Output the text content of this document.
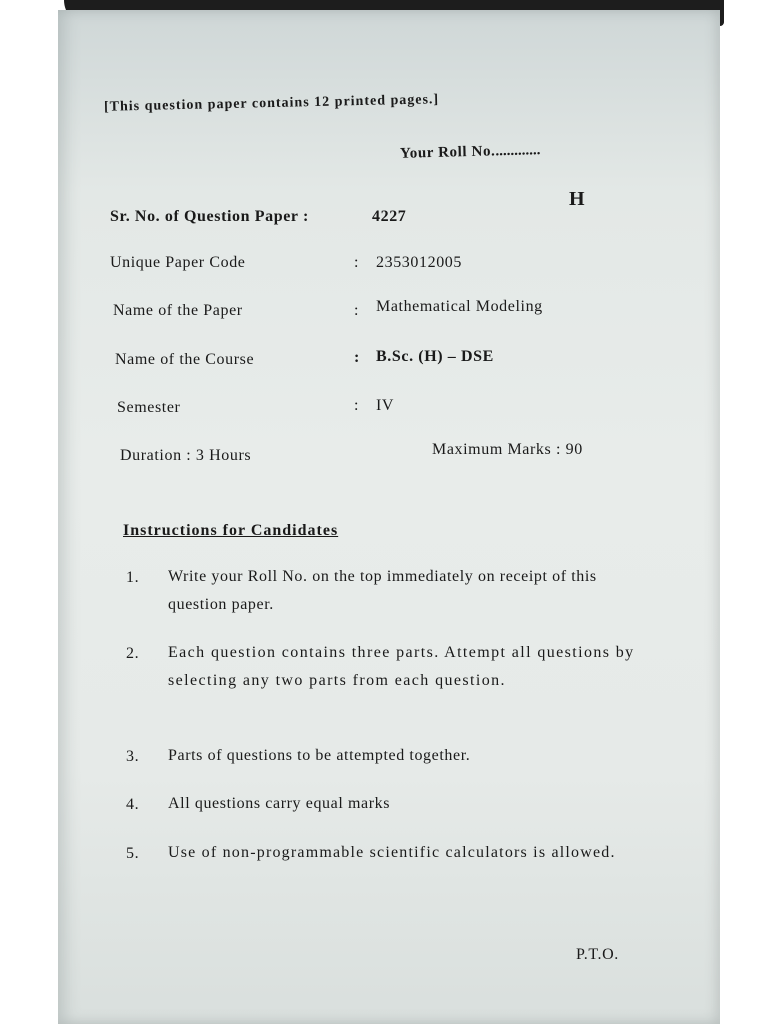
[This question paper contains 12 printed pages.]
Your Roll No.............
H
Sr. No. of Question Paper :	4227
Unique Paper Code	: 2353012005
Name of the Paper	: Mathematical Modeling
Name of the Course	: B.Sc. (H) – DSE
Semester	: IV
Duration : 3 Hours	Maximum Marks : 90
Instructions for Candidates
1. Write your Roll No. on the top immediately on receipt of this question paper.
2. Each question contains three parts. Attempt all questions by selecting any two parts from each question.
3. Parts of questions to be attempted together.
4. All questions carry equal marks
5. Use of non-programmable scientific calculators is allowed.
P.T.O.
